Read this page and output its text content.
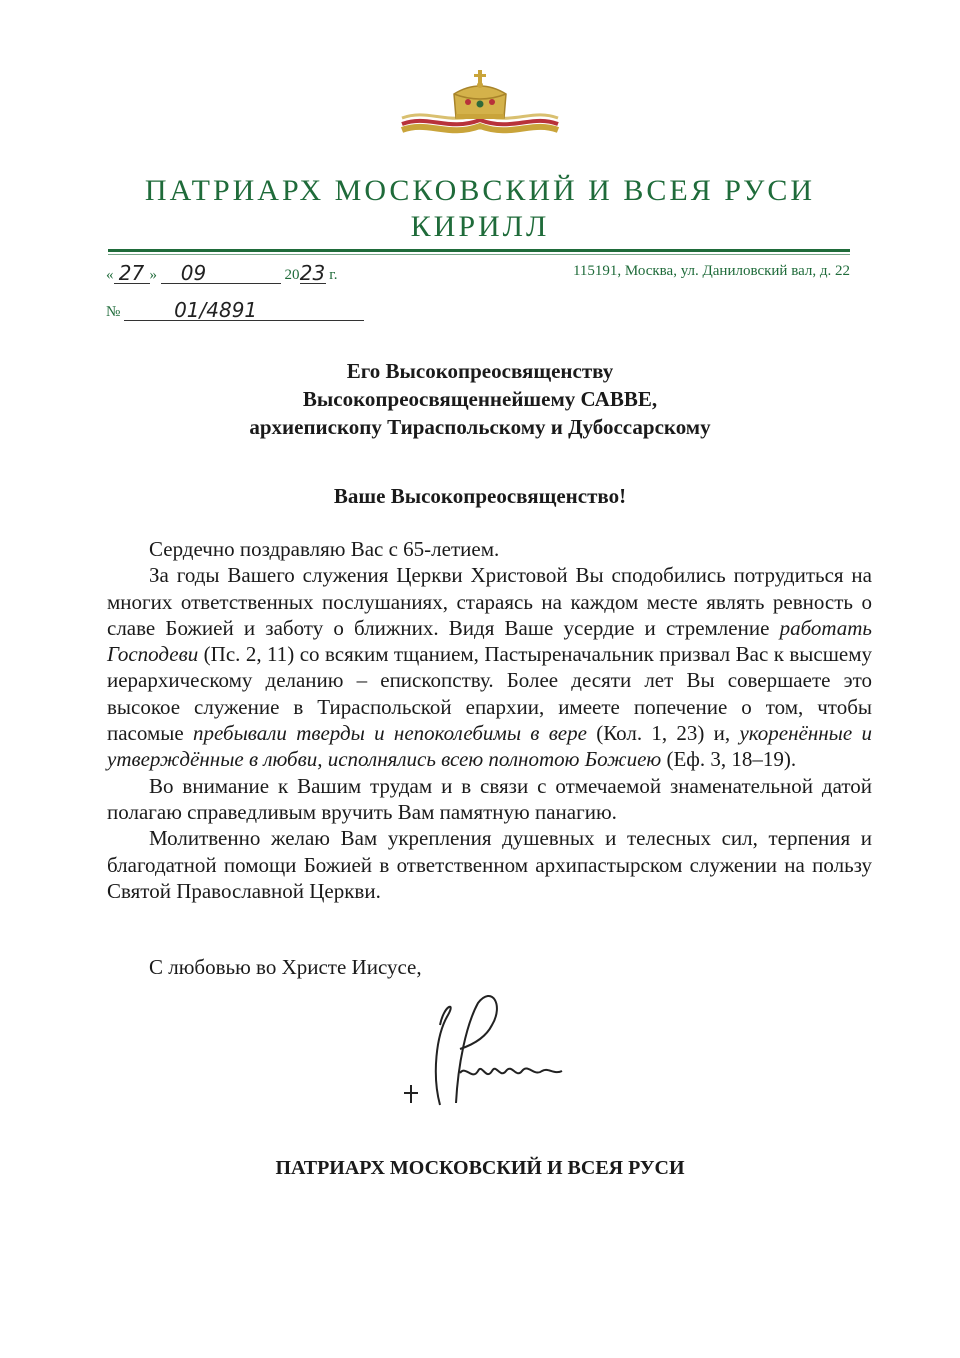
ПАТРИАРХ МОСКОВСКИЙ И ВСЕЯ РУСИ
КИРИЛЛ
« 27 » 09	2023 г.	115191, Москва, ул. Даниловский вал, д. 22
№	01/4891
Его Высокопреосвященству
Высокопреосвященнейшему САВВЕ,
архиепископу Тираспольскому и Дубоссарскому
Ваше Высокопреосвященство!

Сердечно поздравляю Вас с 65-летием.

За годы Вашего служения Церкви Христовой Вы сподобились потрудиться на многих ответственных послушаниях, стараясь на каждом месте являть ревность о славе Божией и заботу о ближних. Видя Ваше усердие и стремление работать Господеви (Пс. 2, 11) со всяким тщанием, Пастыреначальник призвал Вас к высшему иерархическому деланию – епископству. Более десяти лет Вы совершаете это высокое служение в Тираспольской епархии, имеете попечение о том, чтобы пасомые пребывали тверды и непоколебимы в вере (Кол. 1, 23) и, укоренённые и утверждённые в любви, исполнялись всею полнотою Божиею (Еф. 3, 18–19).

Во внимание к Вашим трудам и в связи с отмечаемой знаменательной датой полагаю справедливым вручить Вам памятную панагию.

Молитвенно желаю Вам укрепления душевных и телесных сил, терпения и благодатной помощи Божией в ответственном архипастырском служении на пользу Святой Православной Церкви.

С любовью во Христе Иисусе,
ПАТРИАРХ МОСКОВСКИЙ И ВСЕЯ РУСИ
